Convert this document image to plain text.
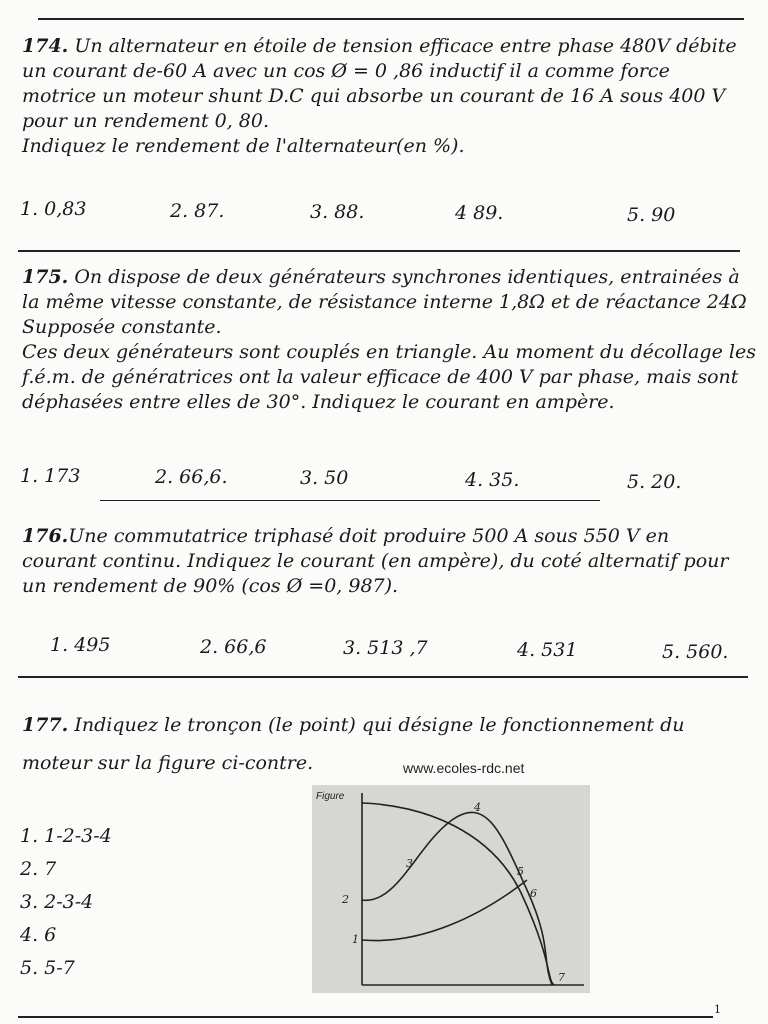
174. Un alternateur en étoile de tension efficace entre phase 480V débite
un courant de-60 A avec un cos Ø = 0 ,86 inductif il a comme force
motrice un moteur shunt D.C qui absorbe un courant de 16 A sous 400 V
pour un rendement 0, 80.
Indiquez le rendement de l'alternateur(en %).
1. 0,83	2. 87.	3. 88.	4 89.	5. 90
175. On dispose de deux générateurs synchrones identiques, entrainées à
la même vitesse constante, de résistance interne 1,8Ω et de réactance 24Ω
Supposée constante.
Ces deux générateurs sont couplés en triangle. Au moment du décollage les
f.é.m. de génératrices ont la valeur efficace de 400 V par phase, mais sont
déphasées entre elles de 30°. Indiquez le courant en ampère.
1. 173	2. 66,6.	3. 50	4. 35.	5. 20.
176.Une commutatrice triphasé doit produire 500 A sous 550 V en
courant continu. Indiquez le courant (en ampère), du coté alternatif pour
un rendement de 90% (cos Ø =0, 987).
1. 495	2. 66,6	3. 513 ,7	4. 531	5. 560.
177. Indiquez le tronçon (le point) qui désigne le fonctionnement du
moteur sur la figure ci-contre.	www.ecoles-rdc.net
1. 1-2-3-4
2. 7
3. 2-3-4
4. 6
5. 5-7
Figure
1
2
3
4
5
6
7
1
